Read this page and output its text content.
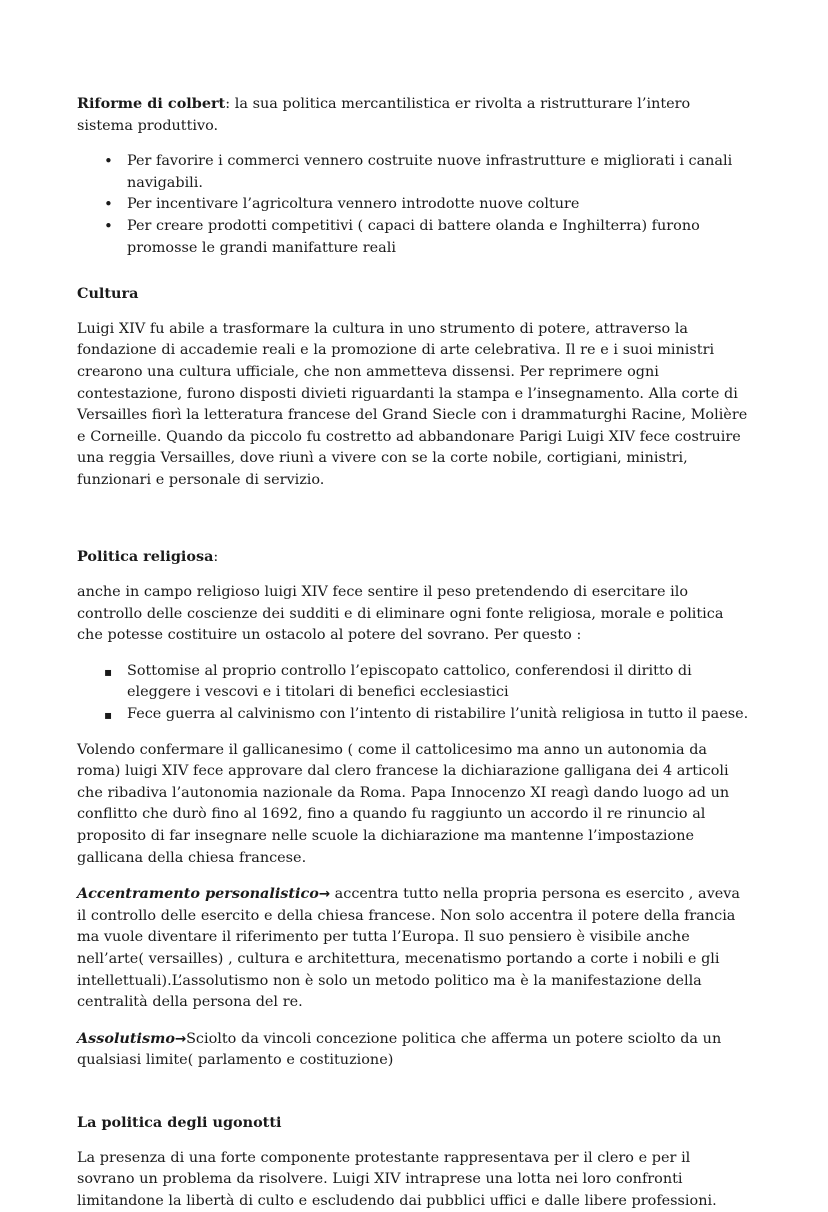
Riforme di colbert: la sua politica mercantilistica er rivolta a ristrutturare l’intero sistema produttivo.

• Per favorire i commerci vennero costruite nuove infrastrutture e migliorati i canali navigabili.
• Per incentivare l’agricoltura vennero introdotte nuove colture
• Per creare prodotti competitivi ( capaci di battere olanda e Inghilterra) furono promosse le grandi manifatture reali
Cultura

Luigi XIV fu abile a trasformare la cultura in uno strumento di potere, attraverso la fondazione di accademie reali e la promozione di arte celebrativa. Il re e i suoi ministri crearono una cultura ufficiale, che non ammetteva dissensi. Per reprimere ogni contestazione, furono disposti divieti riguardanti la stampa e l’insegnamento. Alla corte di Versailles fiorì la letteratura francese del Grand Siecle con i drammaturghi Racine, Molière e Corneille. Quando da piccolo fu costretto ad abbandonare Parigi Luigi XIV fece costruire una reggia Versailles, dove riunì a vivere con se la corte nobile, cortigiani, ministri, funzionari e personale di servizio.

Politica religiosa:

anche in campo religioso luigi XIV fece sentire il peso pretendendo di esercitare ilo controllo delle coscienze dei sudditi e di eliminare ogni fonte religiosa, morale e politica che potesse costituire un ostacolo al potere del sovrano. Per questo :

▪ Sottomise al proprio controllo l’episcopato cattolico, conferendosi il diritto di eleggere i vescovi e i titolari di benefici ecclesiastici
▪ Fece guerra al calvinismo con l’intento di ristabilire l’unità religiosa in tutto il paese.

Volendo confermare il gallicanesimo ( come il cattolicesimo ma anno un autonomia da roma) luigi XIV fece approvare dal clero francese la dichiarazione galligana dei 4 articoli che ribadiva l’autonomia nazionale da Roma. Papa Innocenzo XI reagì dando luogo ad un conflitto che durò fino al 1692, fino a quando fu raggiunto un accordo il re rinuncio al proposito di far insegnare nelle scuole la dichiarazione ma mantenne l’impostazione gallicana della chiesa francese.

Accentramento personalistico→ accentra tutto nella propria persona es esercito , aveva il controllo delle esercito e della chiesa francese. Non solo accentra il potere della francia ma vuole diventare il riferimento per tutta l’Europa. Il suo pensiero è visibile anche nell’arte( versailles) , cultura e architettura, mecenatismo portando a corte i nobili e gli intellettuali).L’assolutismo non è solo un metodo politico ma è la manifestazione della centralità della persona del re.

Assolutismo→Sciolto da vincoli concezione politica che afferma un potere sciolto da un qualsiasi limite( parlamento e costituzione)

La politica degli ugonotti

La presenza di una forte componente protestante rappresentava per il clero e per il sovrano un problema da risolvere. Luigi XIV intraprese una lotta nei loro confronti limitandone la libertà di culto e escludendo dai pubblici uffici e dalle libere professioni.
